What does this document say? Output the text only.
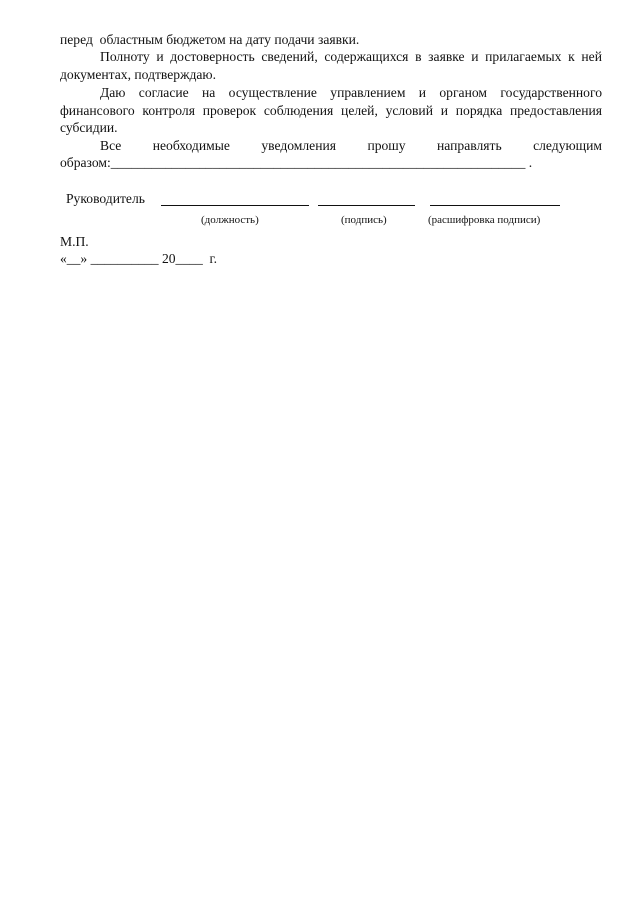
перед  областным бюджетом на дату подачи заявки.
Полноту и достоверность сведений, содержащихся в заявке и прилагаемых к ней документах, подтверждаю.
Даю согласие на осуществление управлением и органом государственного финансового контроля проверок соблюдения целей, условий и порядка предоставления субсидии.
Все необходимые уведомления прошу направлять следующим
образом:_____________________________________________________________ .
Руководитель
(должность)	(подпись)	(расшифровка подписи)
М.П.
«__» __________ 20____  г.
